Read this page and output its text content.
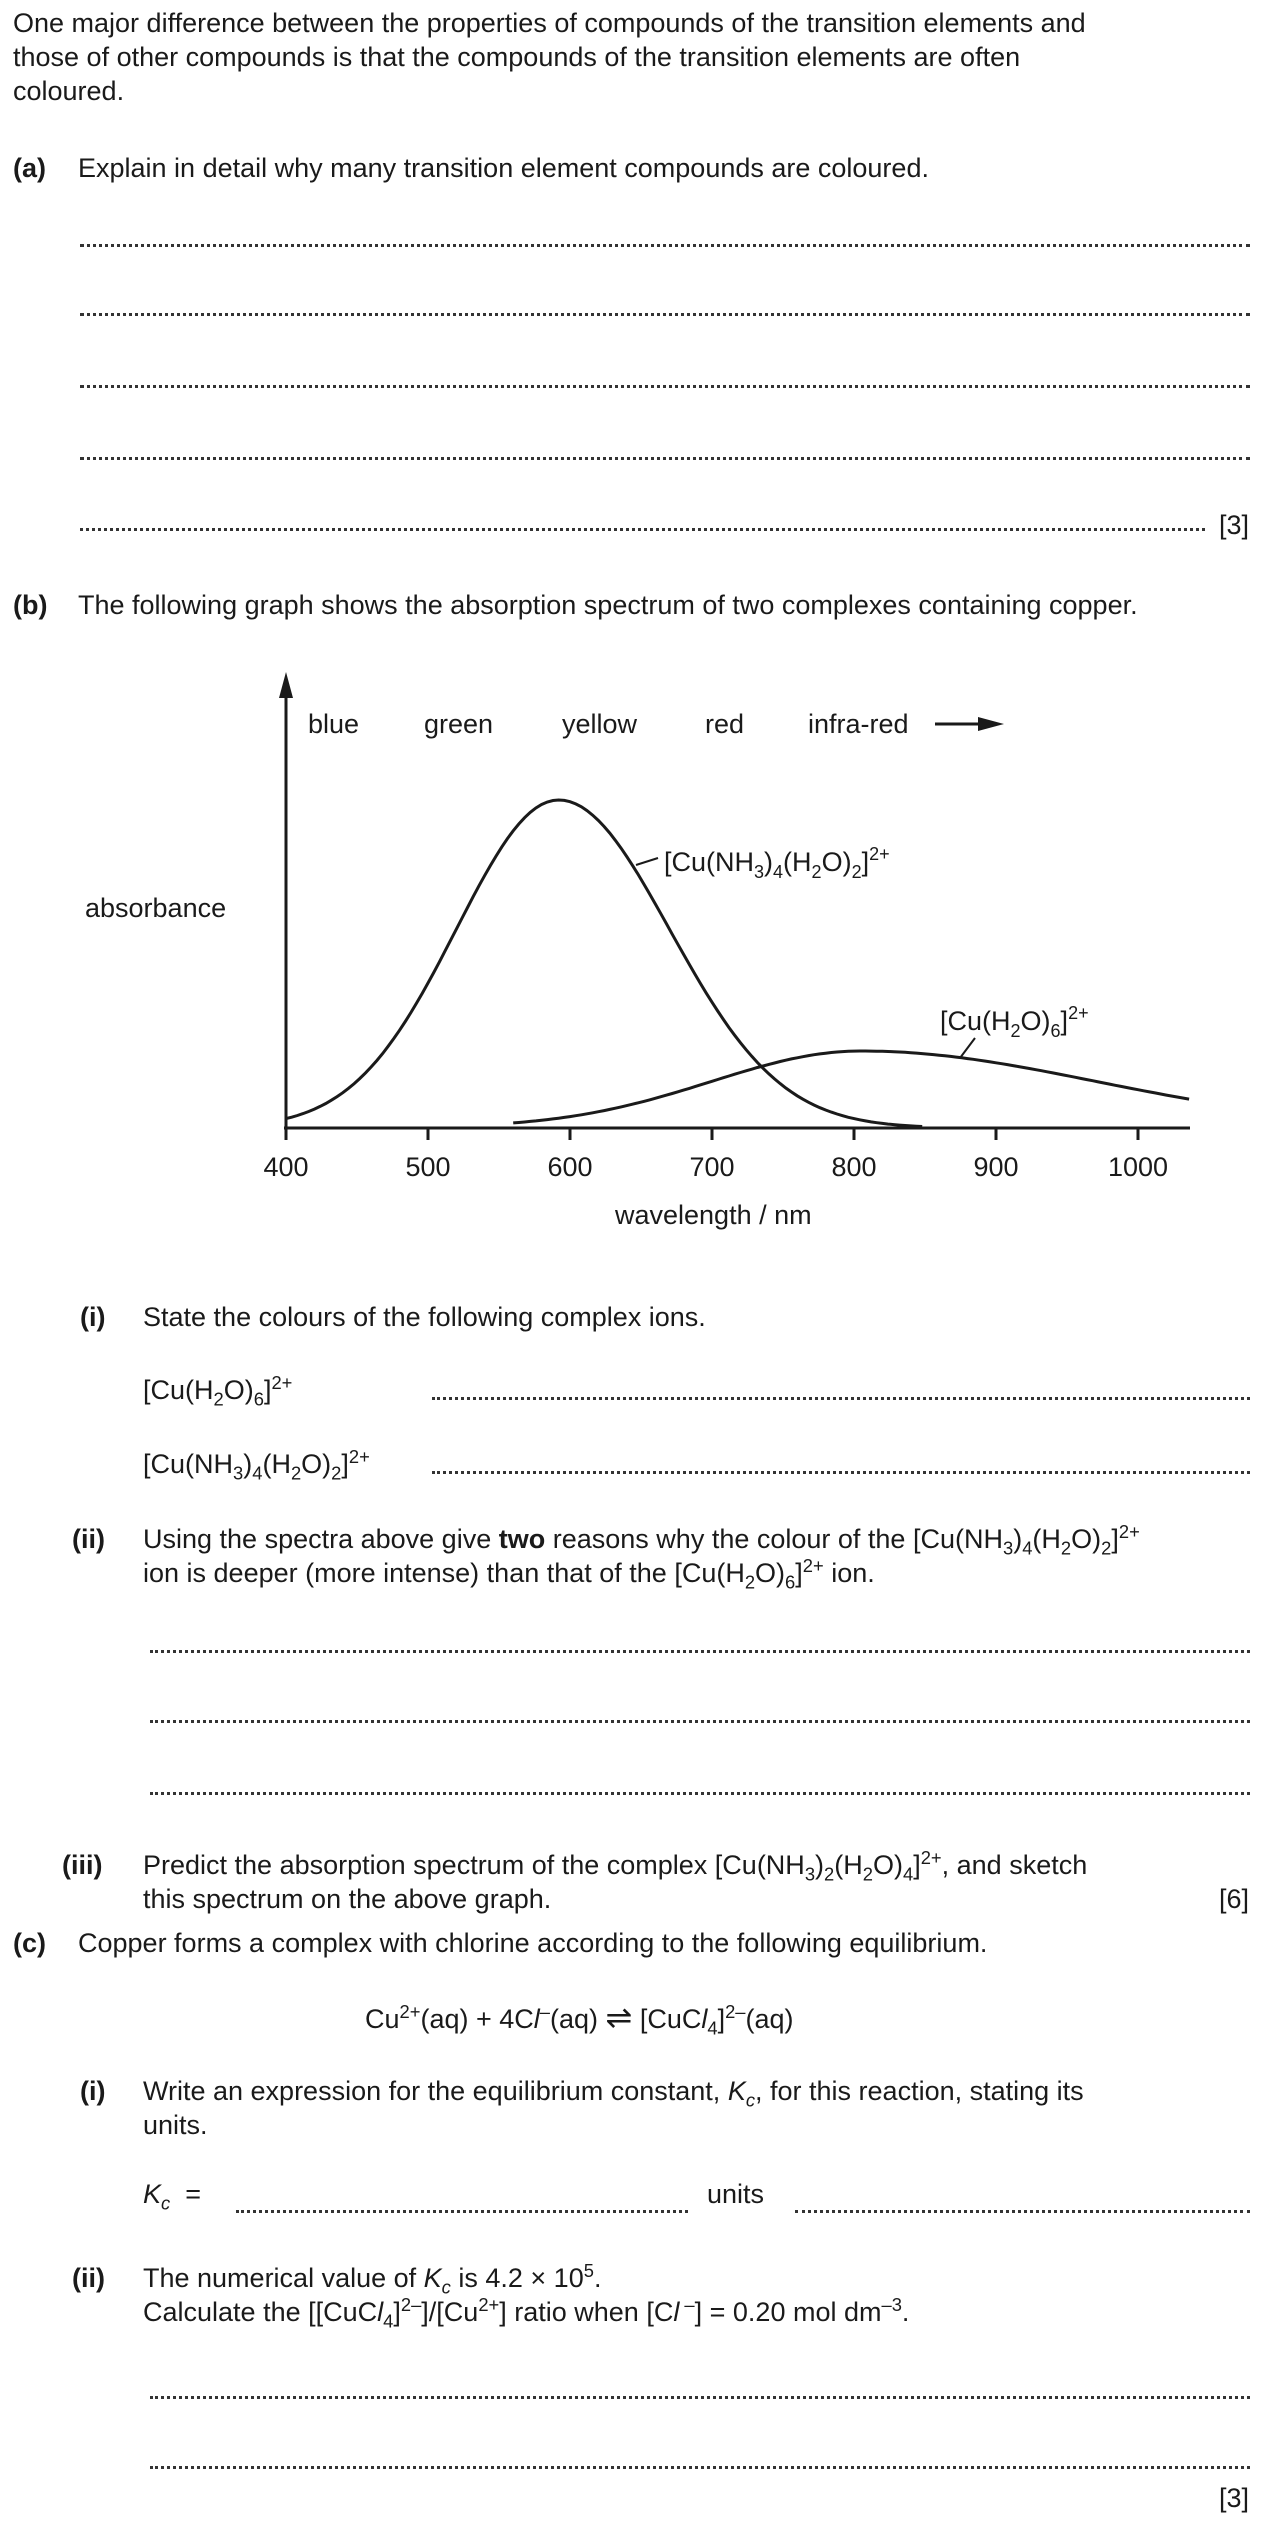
One major difference between the properties of compounds of the transition elements and
those of other compounds is that the compounds of the transition elements are often
coloured.
(a) Explain in detail why many transition element compounds are coloured.
[3]
(b) The following graph shows the absorption spectrum of two complexes containing copper.
400	500	600	700	800	900	1000
blue green	yellow	red infra-red
absorbance
wavelength / nm
$[Cu(NH_3)_4(H_2O)_2]^{2+}$
$[Cu(H_2O)_6]^{2+}$
(i) State the colours of the following complex ions.
$[Cu(H_2O)_6]^{2+}$
$[Cu(NH_3)_4(H_2O)_2]^{2+}$
(ii) Using the spectra above give two reasons why the colour of the $[Cu(NH_3)_4(H_2O)_2]^{2+}$
ion is deeper (more intense) than that of the $[Cu(H_2O)_6]^{2+}$ ion.
(iii) Predict the absorption spectrum of the complex $[Cu(NH_3)_2(H_2O)_4]^{2+}$, and sketch
this spectrum on the above graph.	[6]
(c) Copper forms a complex with chlorine according to the following equilibrium.
$Cu^{2+}(aq) + 4Cl^-(aq)$ ⇌ [CuCl$_4$]$^{2-}$(aq)
(i) Write an expression for the equilibrium constant, $K_c$, for this reaction, stating its
units.
$K_c$ =	units
(ii) The numerical value of $K_c$ is $4.2 \times 10^5$.
Calculate the $[[CuCl_4]^{2-}]/[Cu^{2+}]$ ratio when [Cl –] = 0.20 mol $dm^{-3}$.
[3]
